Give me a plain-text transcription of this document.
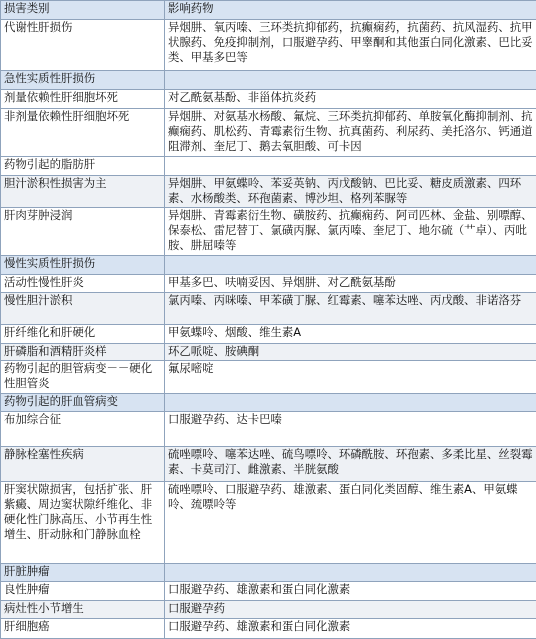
损害类别	影响药物
代谢性肝损伤	异烟肼、氧丙嗪、三环类抗抑郁药，抗癫痫药，抗菌药、抗风湿药、抗甲状腺药、免疫抑制剂，口服避孕药、甲睾酮和其他蛋白同化激素、巴比妥类、甲基多巴等
急性实质性肝损伤	
剂量依赖性肝细胞坏死	对乙酰氨基酚、非甾体抗炎药
非剂量依赖性肝细胞坏死	异烟肼、对氨基水杨酸、氟烷、三环类抗抑郁药、单胺氧化酶抑制剂、抗癫痫药、肌松药、青霉素衍生物、抗真菌药、利尿药、美托洛尔、钙通道阻滞剂、奎尼丁、鹅去氧胆酸、可卡因
药物引起的脂肪肝	
胆汁淤积性损害为主	异烟肼、甲氨蝶呤、苯妥英钠、丙戊酸钠、巴比妥、糖皮质激素、四环素、水杨酸类、环孢菌素、博沙坦、格列苯脲等
肝肉芽肿浸润	异烟肼、青霉素衍生物、磺胺药、抗癫痫药、阿司匹林、金盐、别嘌醇、保泰松、雷尼替丁、氯磺丙脲、氯丙嗪、奎尼丁、地尔硫（艹卓）、丙吡胺、肼屈嗪等
慢性实质性肝损伤	
活动性慢性肝炎	甲基多巴、呋喃妥因、异烟肼、对乙酰氨基酚
慢性胆汁淤积	氯丙嗪、丙咪嗪、甲苯磺丁脲、红霉素、噻苯达唑、丙戊酸、非诺洛芬
肝纤维化和肝硬化	甲氨蝶呤、烟酸、维生素A
肝磷脂和酒精肝炎样	环乙哌啶、胺碘酮
药物引起的胆管病变－－硬化性胆管炎	氟尿嘧啶
药物引起的肝血管病变	
布加综合征	口服避孕药、达卡巴嗪
静脉栓塞性疾病	硫唑嘌呤、噻苯达唑、硫鸟嘌呤、环磷酰胺、环孢素、多柔比星、丝裂霉素、卡莫司汀、雌激素、半胱氨酸
肝窦状隙损害，包括扩张、肝紫癜、周边窦状隙纤维化、非硬化性门脉高压、小节再生性增生、肝动脉和门静脉血栓	硫唑嘌呤、口服避孕药、雄激素、蛋白同化类固醇、维生素A、甲氨蝶呤、巯嘌呤等
肝脏肿瘤	
良性肿瘤	口服避孕药、雄激素和蛋白同化激素
病灶性小节增生	口服避孕药
肝细胞癌	口服避孕药、雄激素和蛋白同化激素
